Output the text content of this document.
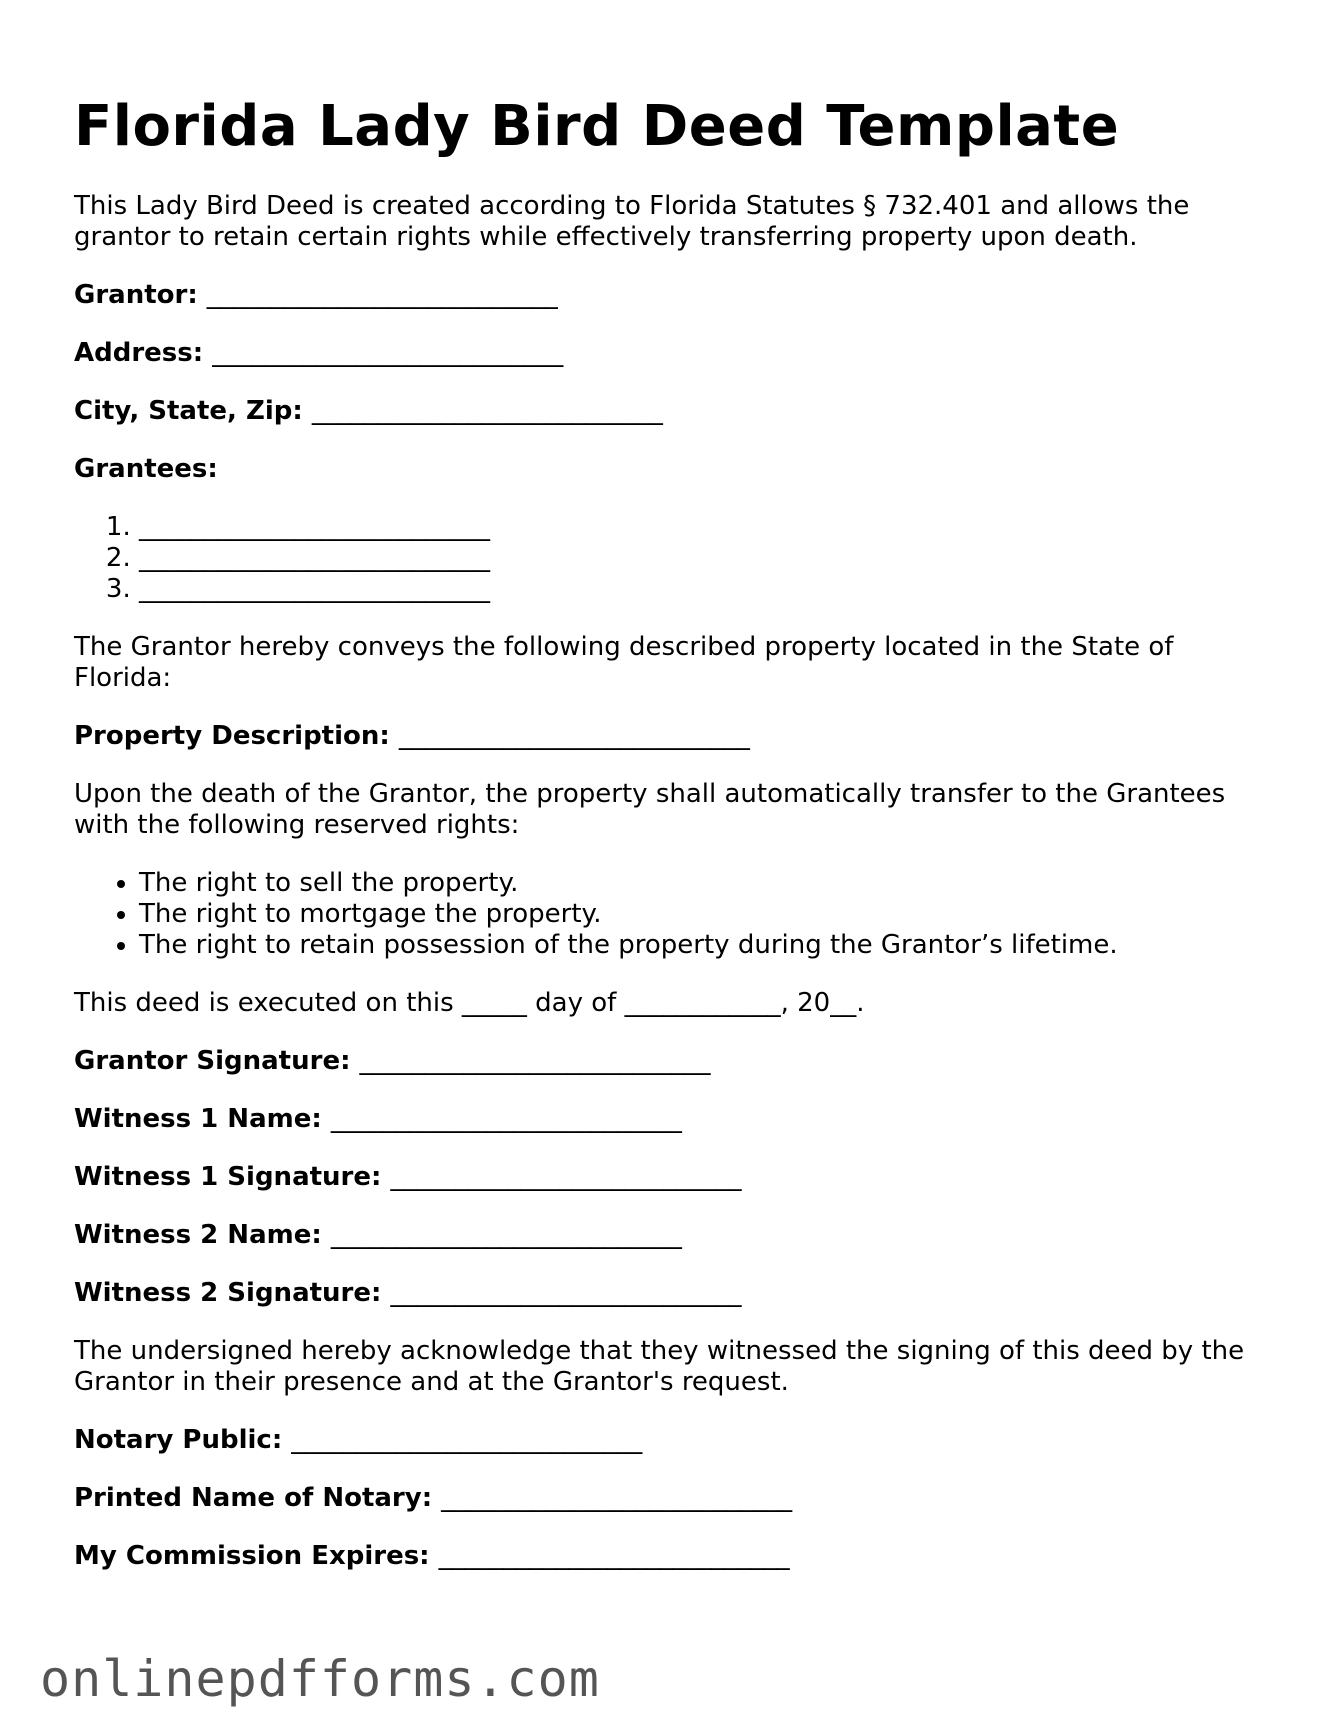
Florida Lady Bird Deed Template

This Lady Bird Deed is created according to Florida Statutes § 732.401 and allows the grantor to retain certain rights while effectively transferring property upon death.

Grantor: ___________________________
Address: ___________________________
City, State, Zip: ___________________________
Grantees:
1. ___________________________
2. ___________________________
3. ___________________________

The Grantor hereby conveys the following described property located in the State of Florida:

Property Description: ___________________________

Upon the death of the Grantor, the property shall automatically transfer to the Grantees with the following reserved rights:

• The right to sell the property.
• The right to mortgage the property.
• The right to retain possession of the property during the Grantor’s lifetime.

This deed is executed on this _____ day of ____________, 20__.

Grantor Signature: ___________________________
Witness 1 Name: ___________________________
Witness 1 Signature: ___________________________
Witness 2 Name: ___________________________
Witness 2 Signature: ___________________________

The undersigned hereby acknowledge that they witnessed the signing of this deed by the Grantor in their presence and at the Grantor's request.

Notary Public: ___________________________
Printed Name of Notary: ___________________________
My Commission Expires: ___________________________
onlinepdfforms.com
